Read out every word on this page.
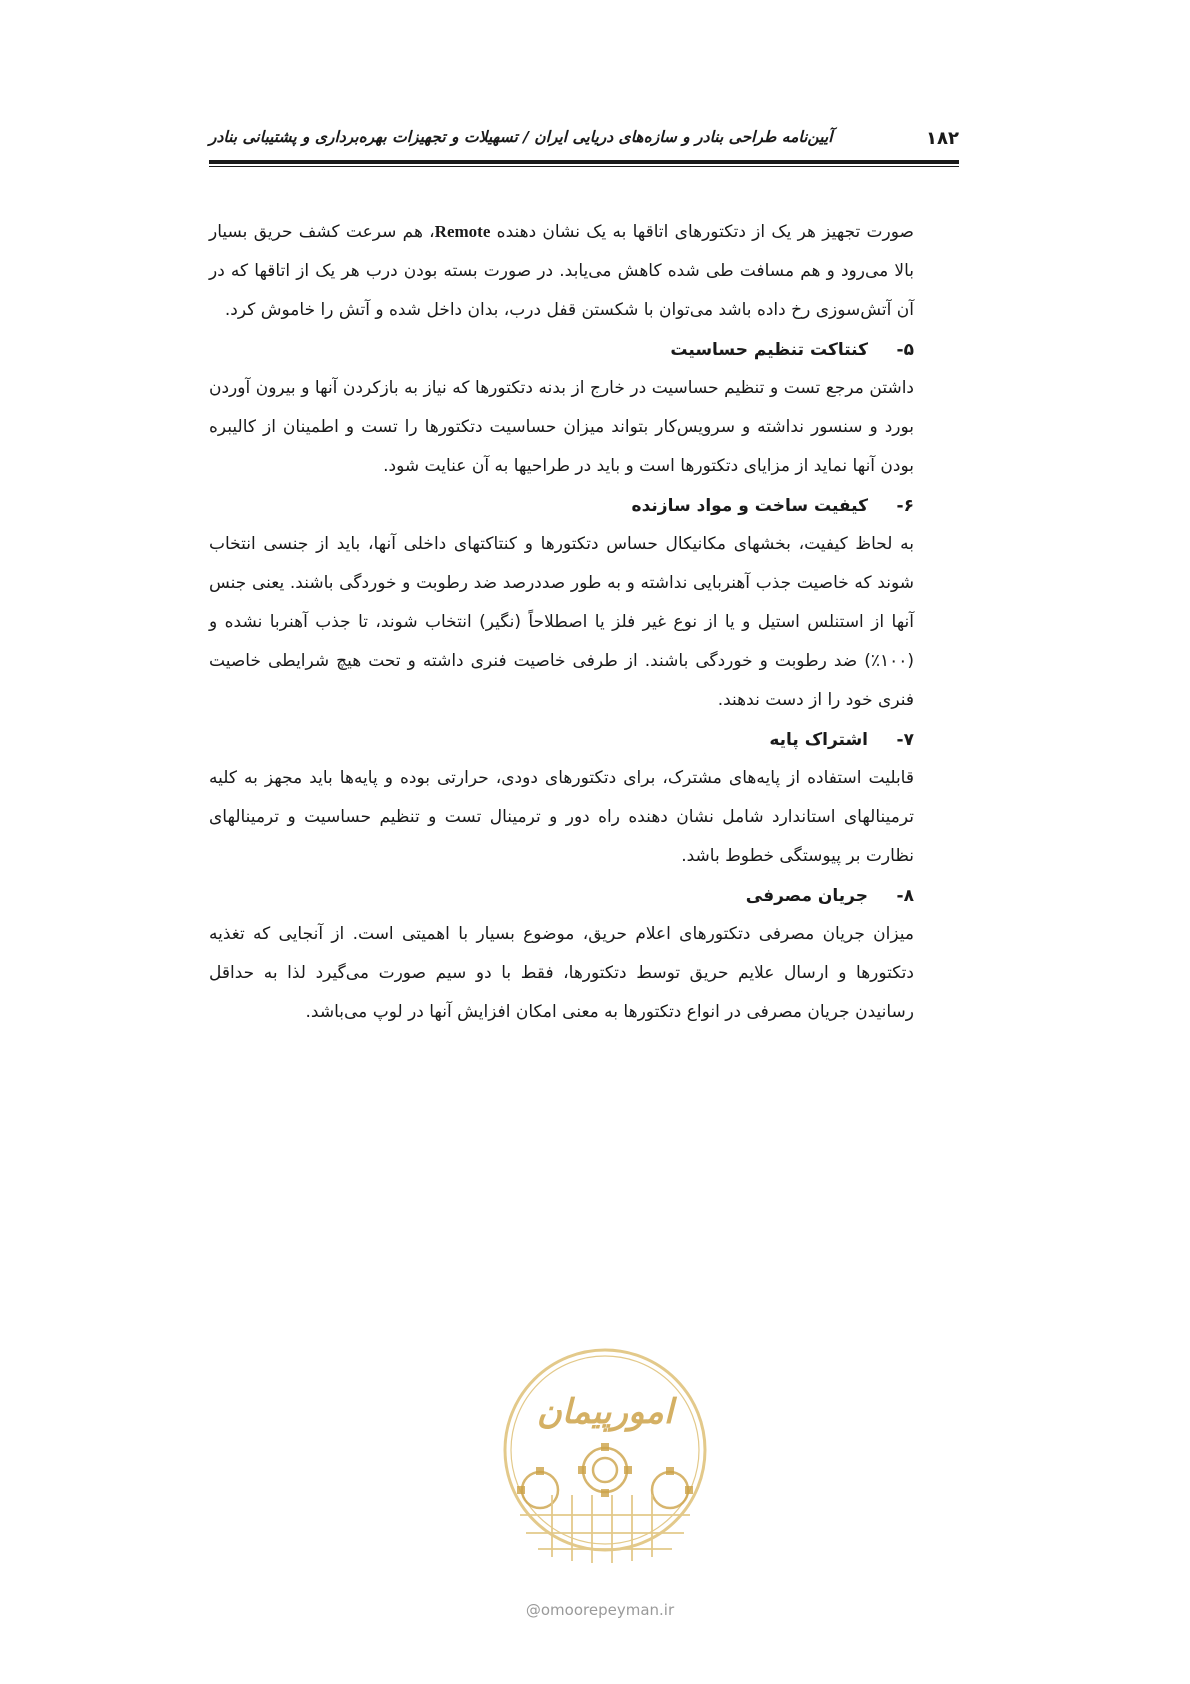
۱۸۲
آیین‌نامه طراحی بنادر و سازه‌های دریایی ایران / تسهیلات و تجهیزات بهره‌برداری و پشتیبانی بنادر

صورت تجهیز هر یک از دتکتورهای اتاقها به یک نشان دهنده Remote، هم سرعت کشف حریق بسیار بالا می‌رود و هم مسافت طی شده کاهش می‌یابد. در صورت بسته بودن درب هر یک از اتاقها که در آن آتش‌سوزی رخ داده باشد می‌توان با شکستن قفل درب، بدان داخل شده و آتش را خاموش کرد.

۵-
کنتاکت تنظیم حساسیت

داشتن مرجع تست و تنظیم حساسیت در خارج از بدنه دتکتورها که نیاز به بازکردن آنها و بیرون آوردن بورد و سنسور نداشته و سرویس‌کار بتواند میزان حساسیت دتکتورها را تست و اطمینان از کالیبره بودن آنها نماید از مزایای دتکتورها است و باید در طراحیها به آن عنایت شود.

۶-
کیفیت ساخت و مواد سازنده

به لحاظ کیفیت، بخشهای مکانیکال حساس دتکتورها و کنتاکتهای داخلی آنها، باید از جنسی انتخاب شوند که خاصیت جذب آهنربایی نداشته و به طور صددرصد ضد رطوبت و خوردگی باشند. یعنی جنس آنها از استنلس استیل و یا از نوع غیر فلز یا اصطلاحاً (نگیر) انتخاب شوند، تا جذب آهنربا نشده و (۱۰۰٪) ضد رطوبت و خوردگی باشند. از طرفی خاصیت فنری داشته و تحت هیچ شرایطی خاصیت فنری خود را از دست ندهند.

۷-
اشتراک پایه

قابلیت استفاده از پایه‌های مشترک، برای دتکتورهای دودی، حرارتی بوده و پایه‌ها باید مجهز به کلیه ترمینالهای استاندارد شامل نشان دهنده راه دور و ترمینال تست و تنظیم حساسیت و ترمینالهای نظارت بر پیوستگی خطوط باشد.

۸-
جریان مصرفی

میزان جریان مصرفی دتکتورهای اعلام حریق، موضوع بسیار با اهمیتی است. از آنجایی که تغذیه دتکتورها و ارسال علایم حریق توسط دتکتورها، فقط با دو سیم صورت می‌گیرد لذا به حداقل رسانیدن جریان مصرفی در انواع دتکتورها به معنی امکان افزایش آنها در لوپ می‌باشد.

امورپیمان
@omoorepeyman.ir
